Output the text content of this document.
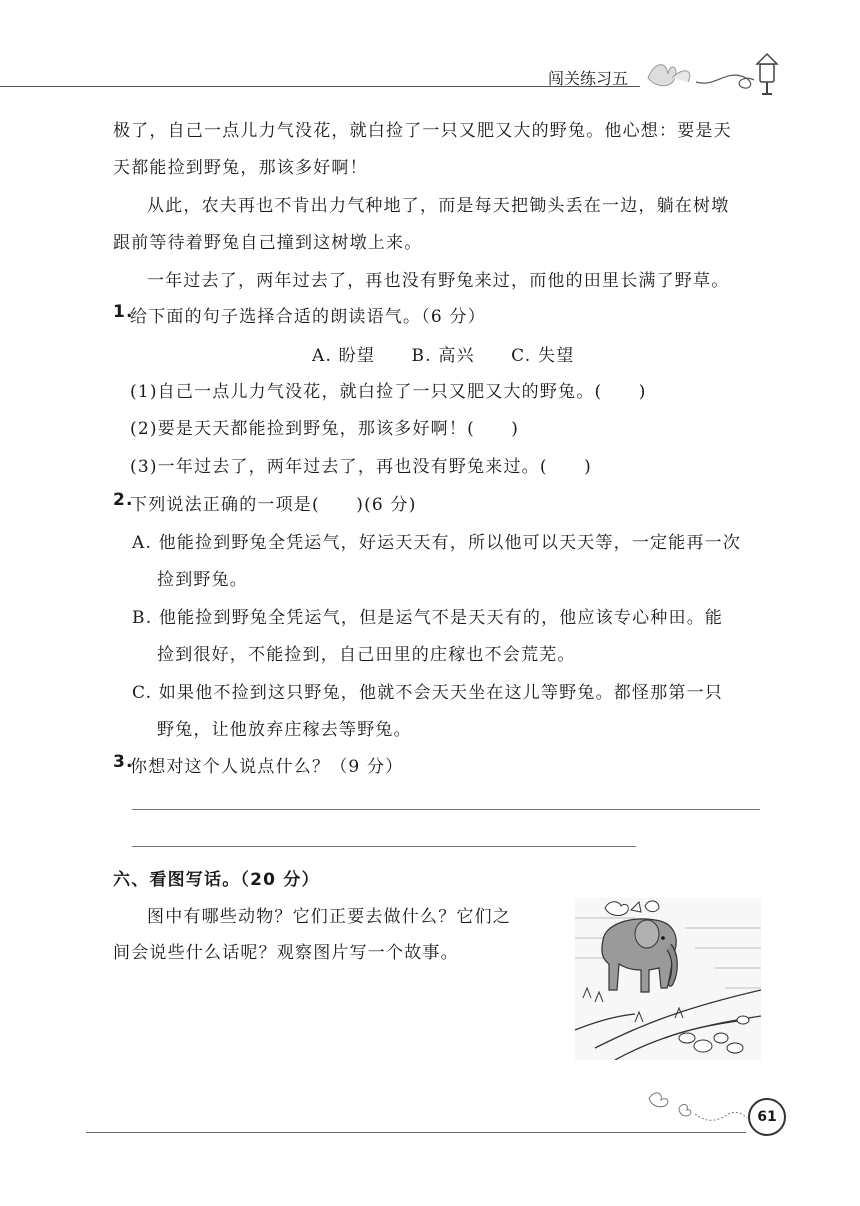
闯关练习五
极了，自己一点儿力气没花，就白捡了一只又肥又大的野兔。他心想：要是天
天都能捡到野兔，那该多好啊！
从此，农夫再也不肯出力气种地了，而是每天把锄头丢在一边，躺在树墩
跟前等待着野兔自己撞到这树墩上来。
一年过去了，两年过去了，再也没有野兔来过，而他的田里长满了野草。
1.
给下面的句子选择合适的朗读语气。（6 分）
A. 盼望　　B. 高兴　　C. 失望
(1)自己一点儿力气没花，就白捡了一只又肥又大的野兔。(　　)
(2)要是天天都能捡到野兔，那该多好啊！(　　)
(3)一年过去了，两年过去了，再也没有野兔来过。(　　)
2.
下列说法正确的一项是(　　)(6 分)
A. 他能捡到野兔全凭运气，好运天天有，所以他可以天天等，一定能再一次
捡到野兔。
B. 他能捡到野兔全凭运气，但是运气不是天天有的，他应该专心种田。能
捡到很好，不能捡到，自己田里的庄稼也不会荒芜。
C. 如果他不捡到这只野兔，他就不会天天坐在这儿等野兔。都怪那第一只
野兔，让他放弃庄稼去等野兔。
3.
你想对这个人说点什么？（9 分）
六、看图写话。（20 分）
图中有哪些动物？它们正要去做什么？它们之
间会说些什么话呢？观察图片写一个故事。
61
